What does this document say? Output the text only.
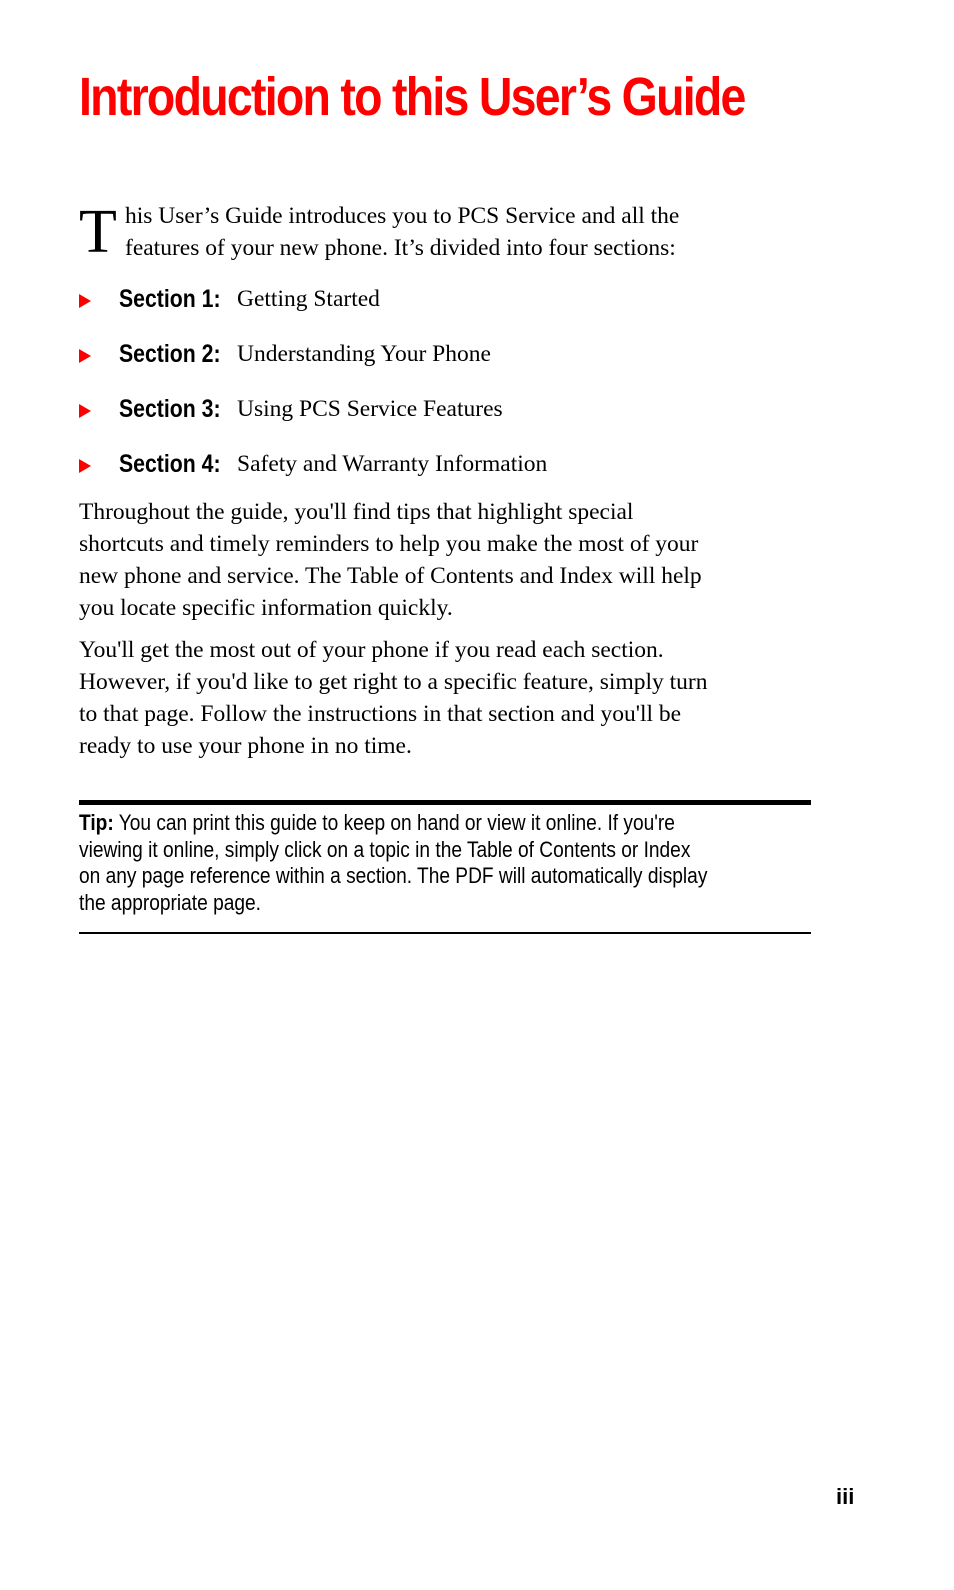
Introduction to this User’s Guide
T his User’s Guide introduces you to PCS Service and all the
features of your new phone. It’s divided into four sections:
Section 1: Getting Started
Section 2: Understanding Your Phone
Section 3: Using PCS Service Features
Section 4: Safety and Warranty Information

Throughout the guide, you'll find tips that highlight special
shortcuts and timely reminders to help you make the most of your
new phone and service. The Table of Contents and Index will help
you locate specific information quickly.

You'll get the most out of your phone if you read each section.
However, if you'd like to get right to a specific feature, simply turn
to that page. Follow the instructions in that section and you'll be
ready to use your phone in no time.

Tip: You can print this guide to keep on hand or view it online. If you're
viewing it online, simply click on a topic in the Table of Contents or Index
on any page reference within a section. The PDF will automatically display
the appropriate page.
iii
